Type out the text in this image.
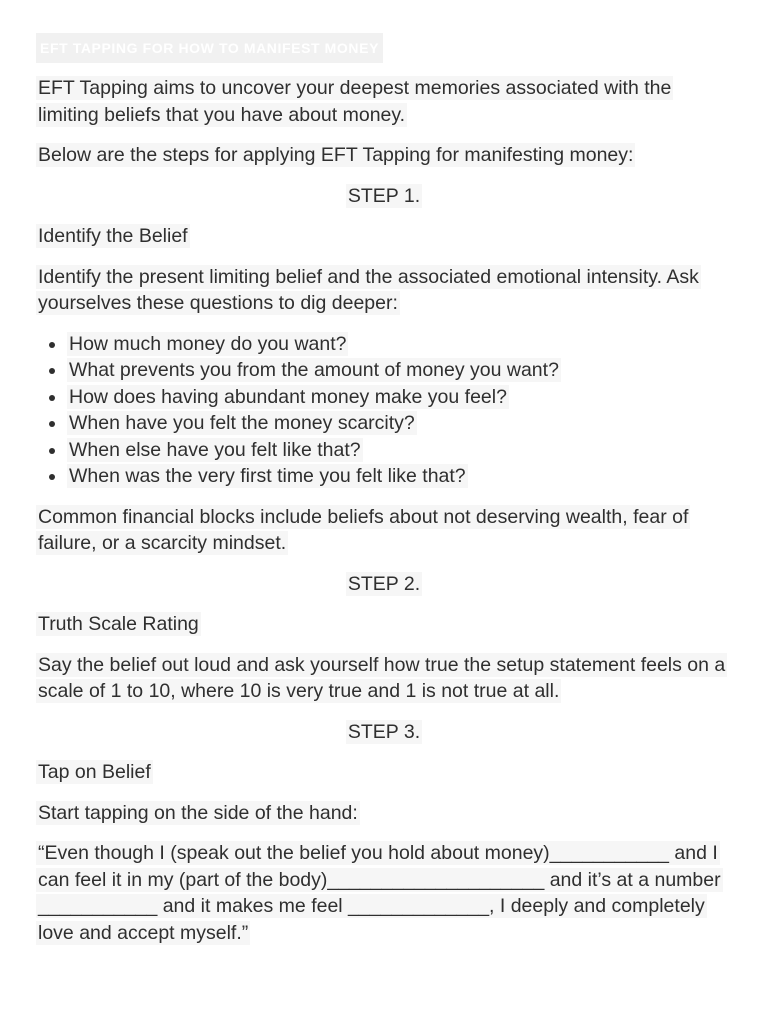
EFT TAPPING FOR HOW TO MANIFEST MONEY

EFT Tapping aims to uncover your deepest memories associated with the limiting beliefs that you have about money.

Below are the steps for applying EFT Tapping for manifesting money:

STEP 1.

Identify the Belief

Identify the present limiting belief and the associated emotional intensity. Ask yourselves these questions to dig deeper:

• How much money do you want?
• What prevents you from the amount of money you want?
• How does having abundant money make you feel?
• When have you felt the money scarcity?
• When else have you felt like that?
• When was the very first time you felt like that?

Common financial blocks include beliefs about not deserving wealth, fear of failure, or a scarcity mindset.

STEP 2.

Truth Scale Rating

Say the belief out loud and ask yourself how true the setup statement feels on a scale of 1 to 10, where 10 is very true and 1 is not true at all.

STEP 3.

Tap on Belief

Start tapping on the side of the hand:

“Even though I (speak out the belief you hold about money)___________ and I can feel it in my (part of the body)____________________ and it’s at a number ___________ and it makes me feel _____________, I deeply and completely love and accept myself.”
